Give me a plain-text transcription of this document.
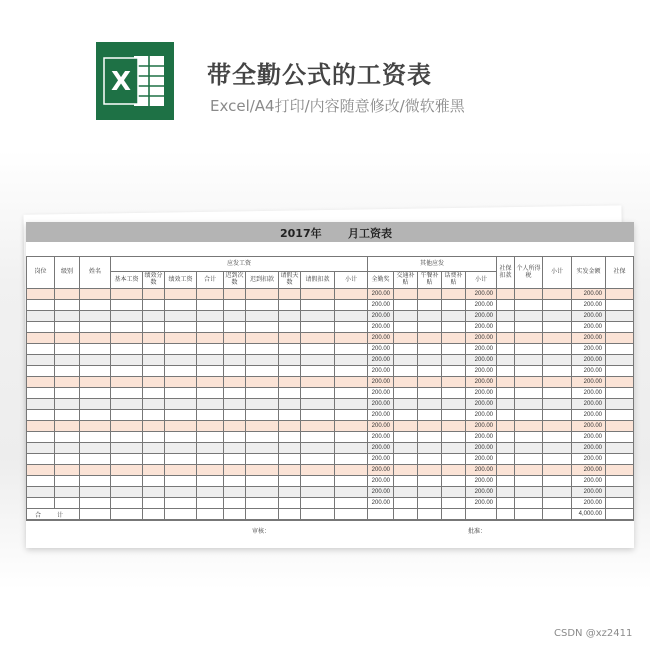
X	带全勤公式的工资表
Excel/A4打印/内容随意修改/微软雅黑
2017年 月工资表
岗位	级别	姓名	应发工资									其他应发					社保扣款	个人所得税	小计	实发金额	社保
			基本工资	绩效分数	绩效工资	合计	迟到次数	迟到扣款	请假天数	请假扣款	小计	全勤奖	交通补贴	午餐补贴	话费补贴	小计					
												200.00				200.00				200.00	
												200.00				200.00				200.00	
												200.00				200.00				200.00	
												200.00				200.00				200.00	
												200.00				200.00				200.00	
												200.00				200.00				200.00	
												200.00				200.00				200.00	
												200.00				200.00				200.00	
												200.00				200.00				200.00	
												200.00				200.00				200.00	
												200.00				200.00				200.00	
												200.00				200.00				200.00	
												200.00				200.00				200.00	
												200.00				200.00				200.00	
												200.00				200.00				200.00	
												200.00				200.00				200.00	
												200.00				200.00				200.00	
												200.00				200.00				200.00	
												200.00				200.00				200.00	
												200.00				200.00				200.00	
合 计																				4,000.00	
审核：	批准：
CSDN @xz2411
